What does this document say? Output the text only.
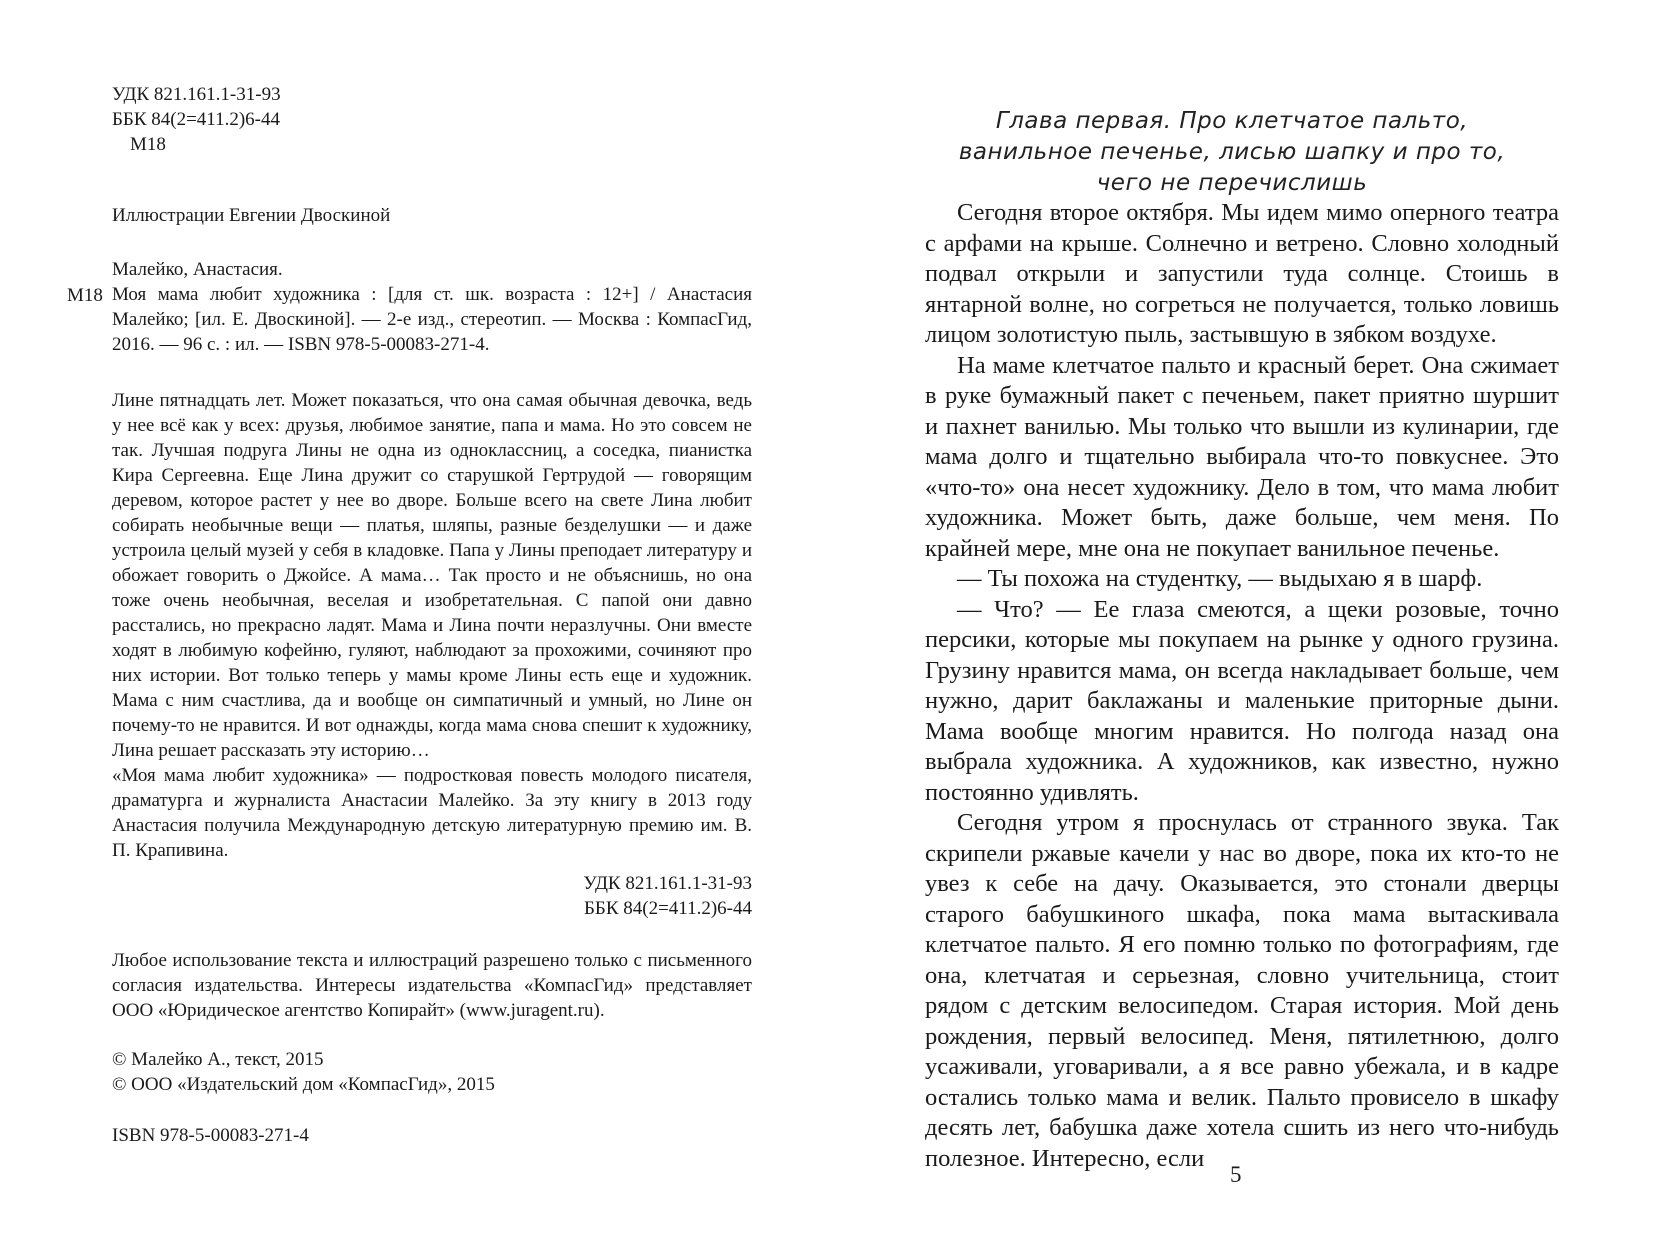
УДК 821.161.1-31-93
ББК 84(2=411.2)6-44
М18
Иллюстрации Евгении Двоскиной
М18

Малейко, Анастасия.

Моя мама любит художника : [для ст. шк. возраста : 12+] / Анастасия Малейко; [ил. Е. Двоскиной]. — 2-е изд., стереотип. — Москва : КомпасГид, 2016. — 96 с. : ил. — ISBN 978-5-00083-271-4.

Лине пятнадцать лет. Может показаться, что она самая обычная девочка, ведь у нее всё как у всех: друзья, любимое занятие, папа и мама. Но это совсем не так. Лучшая подруга Лины не одна из одноклассниц, а соседка, пианистка Кира Сергеевна. Еще Лина дружит со старушкой Гертрудой — говорящим деревом, которое растет у нее во дворе. Больше всего на свете Лина любит собирать необычные вещи — платья, шляпы, разные безделушки — и даже устроила целый музей у себя в кладовке. Папа у Лины преподает литературу и обожает говорить о Джойсе. А мама… Так просто и не объяснишь, но она тоже очень необычная, веселая и изобретательная. С папой они давно расстались, но прекрасно ладят. Мама и Лина почти неразлучны. Они вместе ходят в любимую кофейню, гуляют, наблюдают за прохожими, сочиняют про них истории. Вот только теперь у мамы кроме Лины есть еще и художник. Мама с ним счастлива, да и вообще он симпатичный и умный, но Лине он почему-то не нравится. И вот однажды, когда мама снова спешит к художнику, Лина решает рассказать эту историю…
«Моя мама любит художника» — подростковая повесть молодого писателя, драматурга и журналиста Анастасии Малейко. За эту книгу в 2013 году Анастасия получила Международную детскую литературную премию им. В. П. Крапивина.
УДК 821.161.1-31-93
ББК 84(2=411.2)6-44
Любое использование текста и иллюстраций разрешено только с письменного согласия издательства. Интересы издательства «КомпасГид» представляет ООО «Юридическое агентство Копирайт» (www.juragent.ru).
© Малейко А., текст, 2015
© ООО «Издательский дом «КомпасГид», 2015
ISBN 978-5-00083-271-4
Глава первая. Про клетчатое пальто, ванильное печенье, лисью шапку и про то, чего не перечислишь

Сегодня второе октября. Мы идем мимо оперного театра с арфами на крыше. Солнечно и ветрено. Словно холодный подвал открыли и запустили туда солнце. Стоишь в янтарной волне, но согреться не получается, только ловишь лицом золотистую пыль, застывшую в зябком воздухе.

На маме клетчатое пальто и красный берет. Она сжимает в руке бумажный пакет с печеньем, пакет приятно шуршит и пахнет ванилью. Мы только что вышли из кулинарии, где мама долго и тщательно выбирала что-то повкуснее. Это «что-то» она несет художнику. Дело в том, что мама любит художника. Может быть, даже больше, чем меня. По крайней мере, мне она не покупает ванильное печенье.

— Ты похожа на студентку, — выдыхаю я в шарф.

— Что? — Ее глаза смеются, а щеки розовые, точно персики, которые мы покупаем на рынке у одного грузина. Грузину нравится мама, он всегда накладывает больше, чем нужно, дарит баклажаны и маленькие приторные дыни. Мама вообще многим нравится. Но полгода назад она выбрала художника. А художников, как известно, нужно постоянно удивлять.

Сегодня утром я проснулась от странного звука. Так скрипели ржавые качели у нас во дворе, пока их кто-то не увез к себе на дачу. Оказывается, это стонали дверцы старого бабушкиного шкафа, пока мама вытаскивала клетчатое пальто. Я его помню только по фотографиям, где она, клетчатая и серьезная, словно учительница, стоит рядом с детским велосипедом. Старая история. Мой день рождения, первый велосипед. Меня, пятилетнюю, долго усаживали, уговаривали, а я все равно убежала, и в кадре остались только мама и велик. Пальто провисело в шкафу десять лет, бабушка даже хотела сшить из него что-нибудь полезное. Интересно, если

5
